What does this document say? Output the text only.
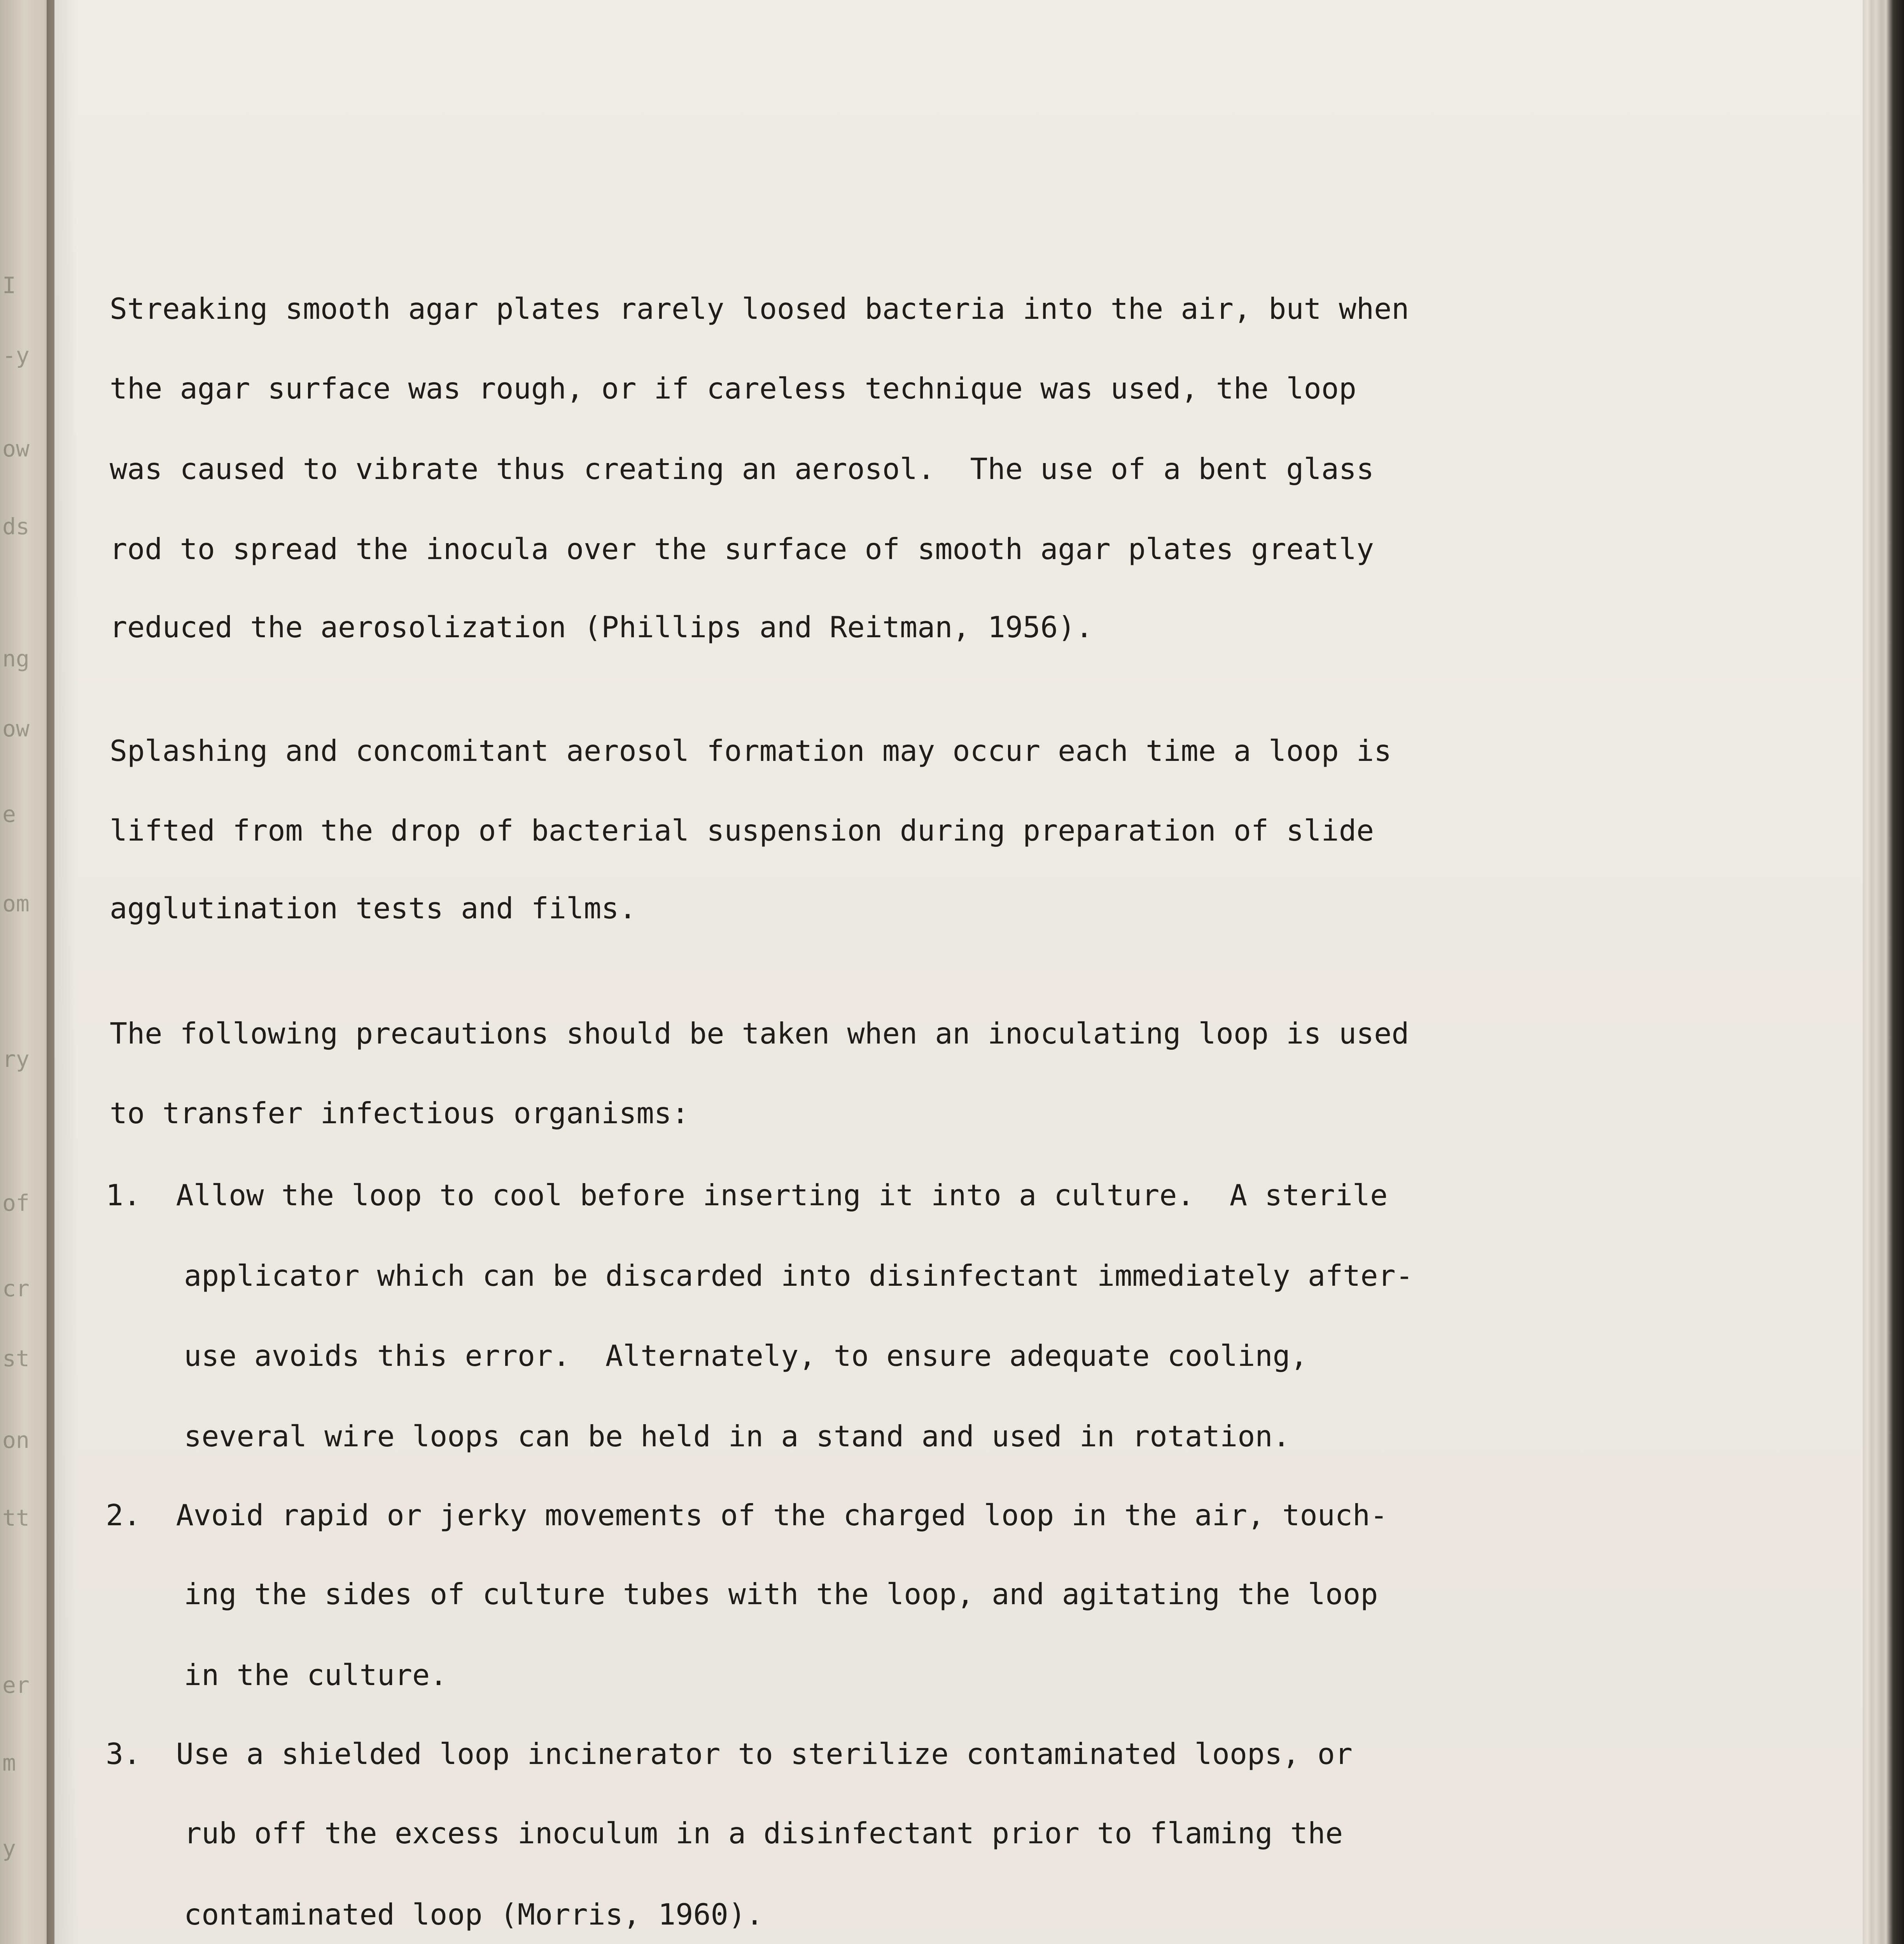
I
-y
ow
ds
ng
ow
e
om
ry
of
cr
st
on
tt
er
m
y

Streaking smooth agar plates rarely loosed bacteria into the air, but when

the agar surface was rough, or if careless technique was used, the loop

was caused to vibrate thus creating an aerosol.  The use of a bent glass

rod to spread the inocula over the surface of smooth agar plates greatly

reduced the aerosolization (Phillips and Reitman, 1956).

Splashing and concomitant aerosol formation may occur each time a loop is

lifted from the drop of bacterial suspension during preparation of slide

agglutination tests and films.

The following precautions should be taken when an inoculating loop is used

to transfer infectious organisms:

1.  Allow the loop to cool before inserting it into a culture.  A sterile

applicator which can be discarded into disinfectant immediately after-

use avoids this error.  Alternately, to ensure adequate cooling,

several wire loops can be held in a stand and used in rotation.

2.  Avoid rapid or jerky movements of the charged loop in the air, touch-

ing the sides of culture tubes with the loop, and agitating the loop

in the culture.

3.  Use a shielded loop incinerator to sterilize contaminated loops, or

rub off the excess inoculum in a disinfectant prior to flaming the

contaminated loop (Morris, 1960).
